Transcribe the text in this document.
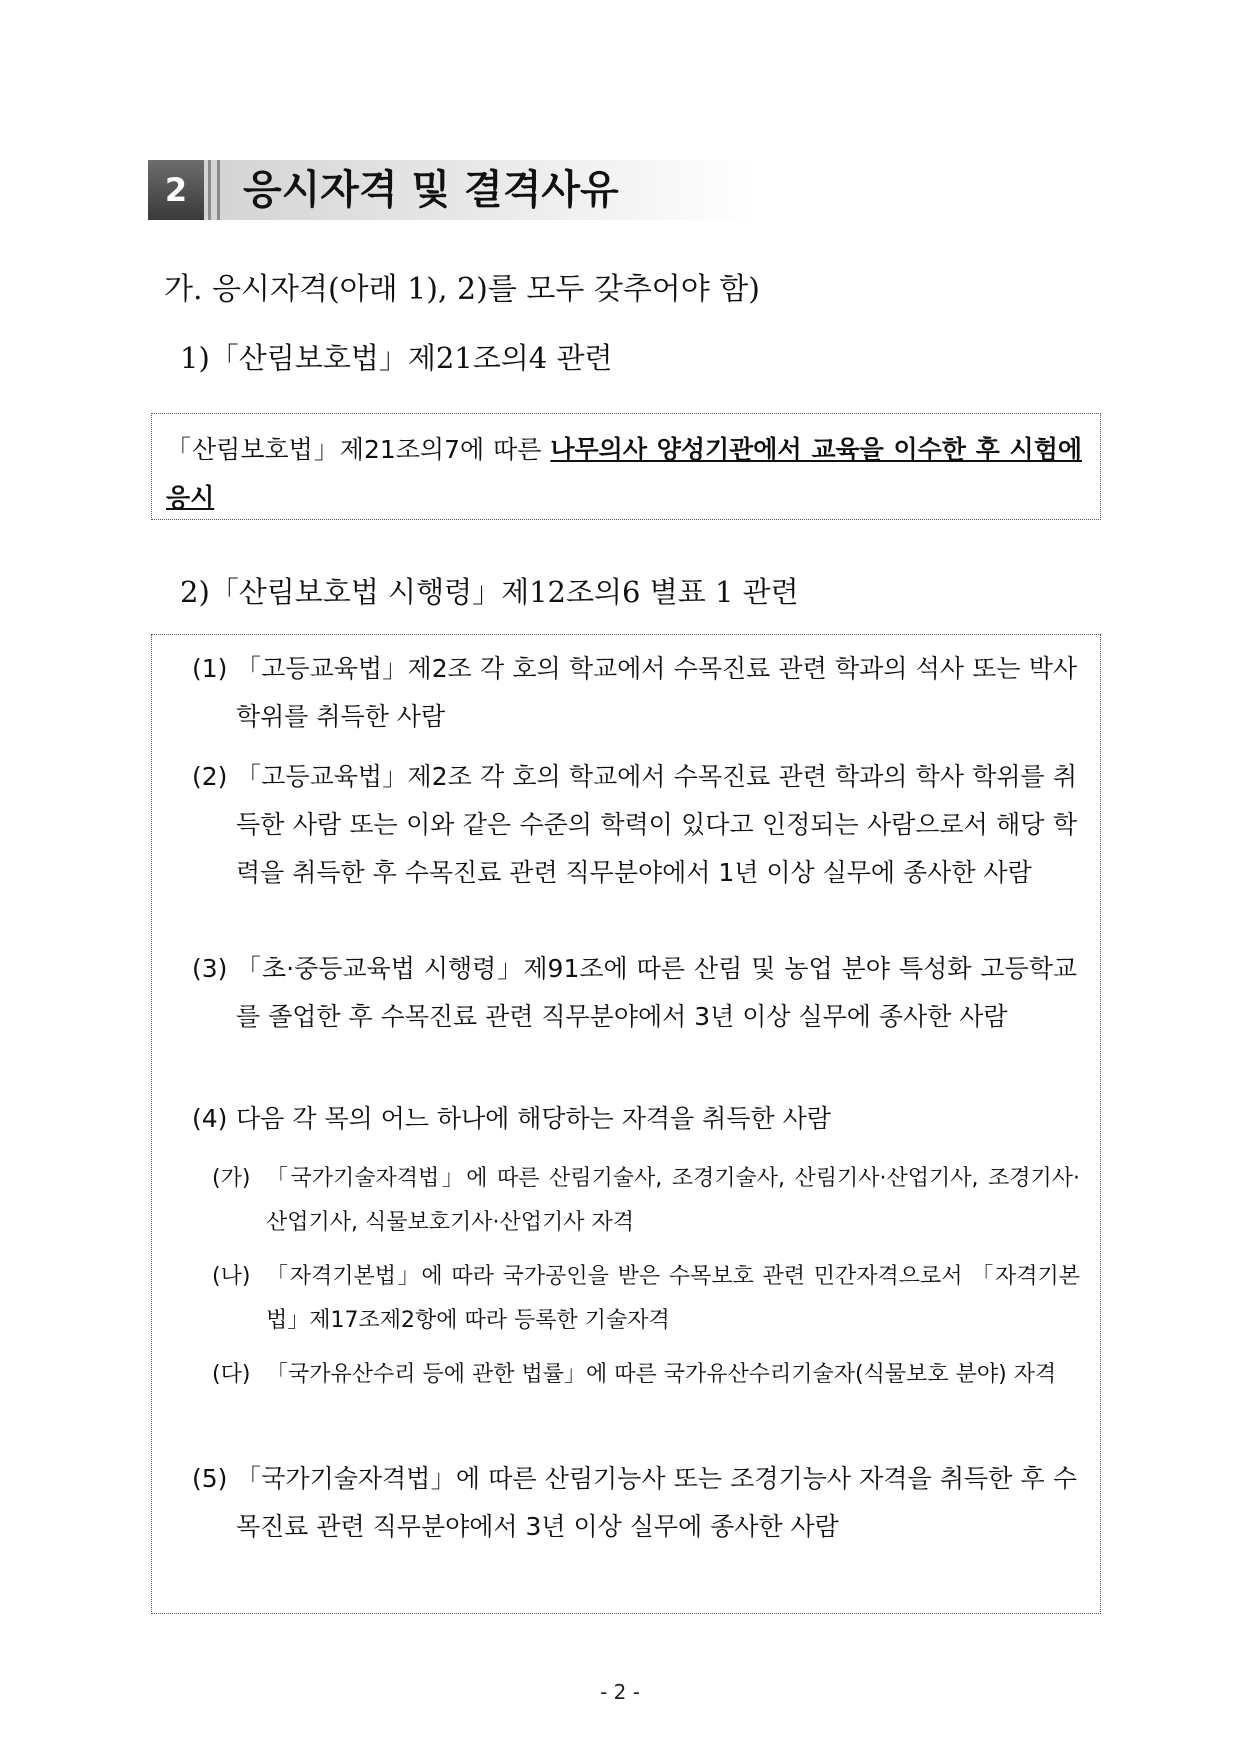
2	응시자격 및 결격사유
가. 응시자격(아래 1), 2)를 모두 갖추어야 함)
1)「산림보호법」제21조의4 관련
「산림보호법」제21조의7에 따른 나무의사 양성기관에서 교육을 이수한 후 시험에 응시
2)「산림보호법 시행령」제12조의6 별표 1 관련
(1) 「고등교육법」제2조 각 호의 학교에서 수목진료 관련 학과의 석사 또는 박사학위를 취득한 사람
(2) 「고등교육법」제2조 각 호의 학교에서 수목진료 관련 학과의 학사 학위를 취득한 사람 또는 이와 같은 수준의 학력이 있다고 인정되는 사람으로서 해당 학력을 취득한 후 수목진료 관련 직무분야에서 1년 이상 실무에 종사한 사람
(3) 「초·중등교육법 시행령」제91조에 따른 산림 및 농업 분야 특성화 고등학교를 졸업한 후 수목진료 관련 직무분야에서 3년 이상 실무에 종사한 사람
(4) 다음 각 목의 어느 하나에 해당하는 자격을 취득한 사람
(가) 「국가기술자격법」에 따른 산림기술사, 조경기술사, 산림기사·산업기사, 조경기사·산업기사, 식물보호기사·산업기사 자격
(나) 「자격기본법」에 따라 국가공인을 받은 수목보호 관련 민간자격으로서 「자격기본법」제17조제2항에 따라 등록한 기술자격
(다) 「국가유산수리 등에 관한 법률」에 따른 국가유산수리기술자(식물보호 분야) 자격
(5) 「국가기술자격법」에 따른 산림기능사 또는 조경기능사 자격을 취득한 후 수목진료 관련 직무분야에서 3년 이상 실무에 종사한 사람
- 2 -
